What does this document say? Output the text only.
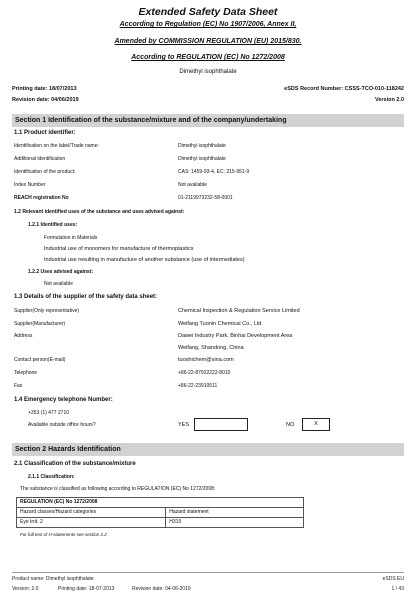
Extended Safety Data Sheet
According to Regulation (EC) No 1907/2006, Annex II,
Amended by COMMISSION REGULATION (EU) 2015/830.
According to REGULATION (EC) No 1272/2008
Dimethyl isophthalate
Printing date: 18/07/2013	eSDS Record Number: CSSS-TCO-010-118242
Revision date: 04/06/2019	Version 2.0
Section 1 Identification of the substance/mixture and of the company/undertaking
1.1 Product identifier:
Identification on the label/Trade name:	Dimethyl isophthalate
Additional identification	Dimethyl isophthalate
Identification of the product:	CAS: 1459-93-4, EC: 215-951-9
Index Number	Not available
REACH registration No	01-2119973232-58-0001
1.2 Relevant identified uses of the substance and uses advised against:
1.2.1 Identified uses:
Formulation in Materials
Industrial use of monomers for manufacture of thermoplastics
Industrial use resulting in manufacture of another substance (use of intermediates)
1.2.2 Uses advised against:
Not available
1.3 Details of the supplier of the safety data sheet:
Supplier(Only representative)	Chemical Inspection & Regulation Service Limited
Supplier(Manufacturer)	Weifang Tuonin Chemical Co., Ltd
Address	Dawei Industry Park, Binhai Development Area
Weifang, Shandong, China
Contact person(E-mail)	tuoshichem@sina.com
Telephone	+86-22-87922222-8010
Fax	+86-22-23910511
1.4 Emergency telephone Number:
+353 (1) 477 2710
Available outside office hours?	YES	NO	X
Section 2 Hazards Identification
2.1 Classification of the substance/mixture
2.1.1 Classification:
The substance is classified as following according to REGULATION (EC) No 1272/2008:
REGULATION (EC) No 1272/2008	
Hazard classes/Hazard categories	Hazard statement
Eye Irrit. 2	H319
For full text of H-statements see section 2.2
Product name: Dimethyl isophthalate	eSDS EU
Version: 2.0	Printing date: 18-07-2013	Revision date: 04-06-2019	1 / 43
